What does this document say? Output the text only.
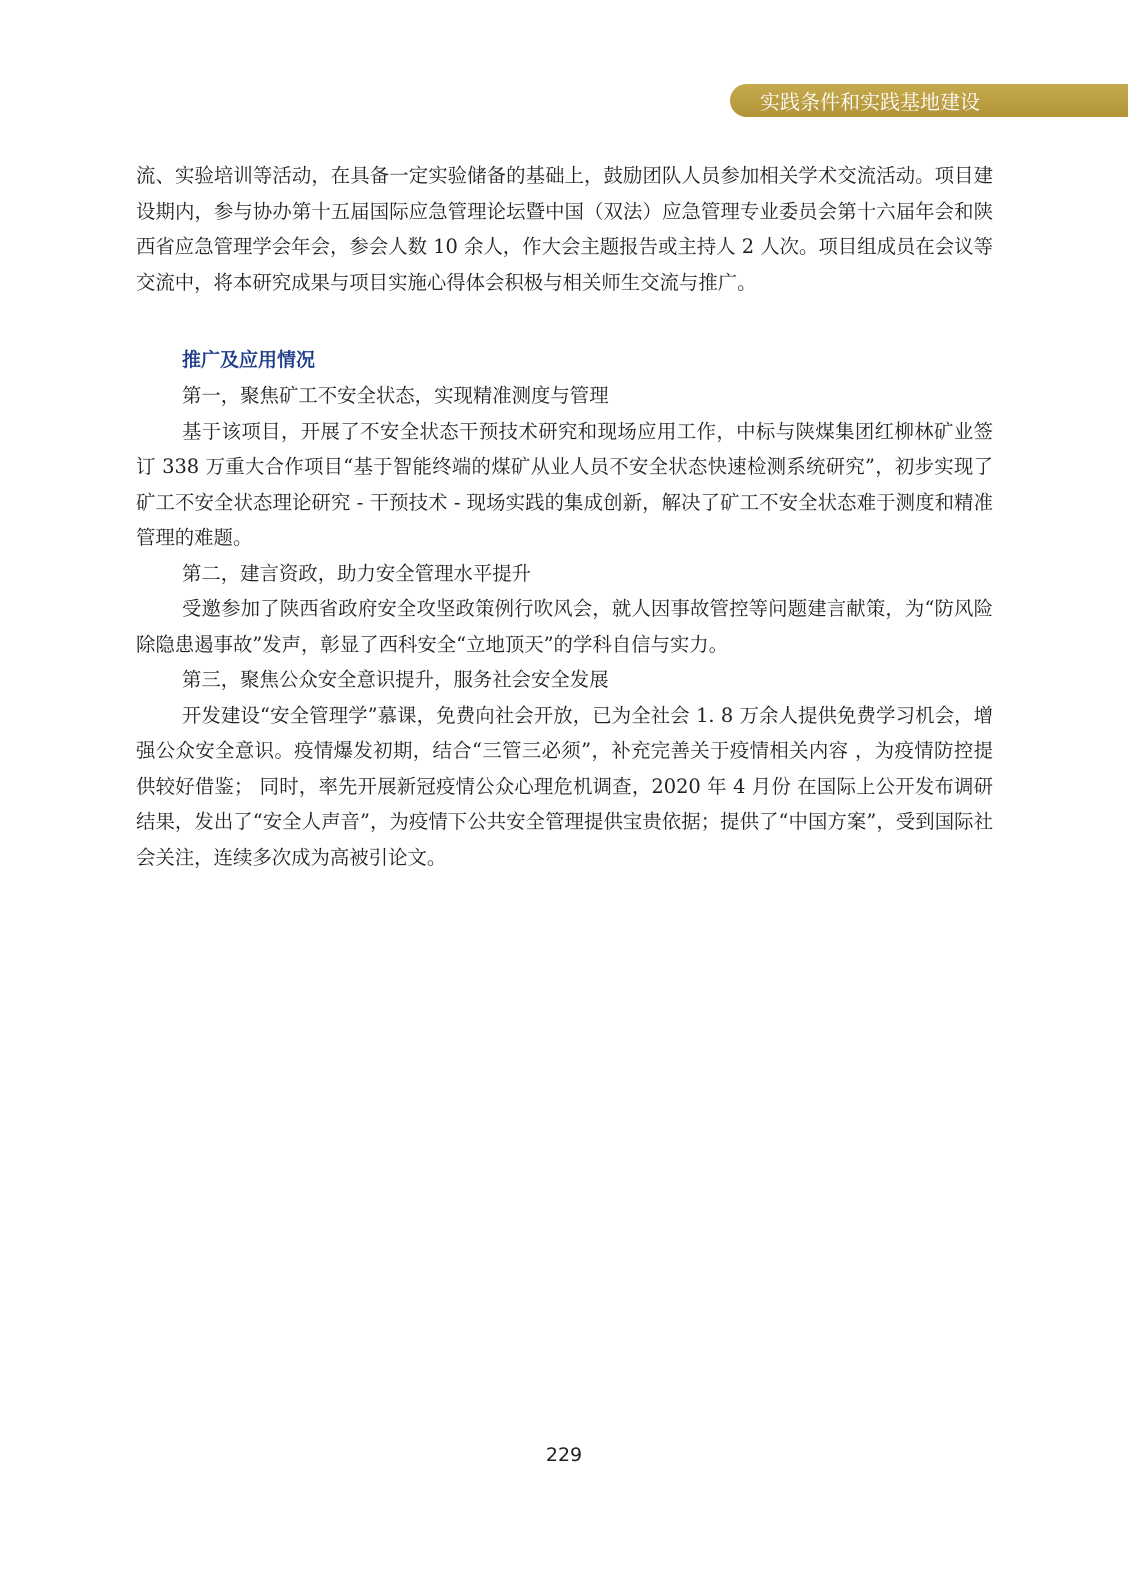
实践条件和实践基地建设

流、实验培训等活动，在具备一定实验储备的基础上，鼓励团队人员参加相关学术交流活动。项目建设期内，参与协办第十五届国际应急管理论坛暨中国（双法）应急管理专业委员会第十六届年会和陕西省应急管理学会年会，参会人数 10 余人，作大会主题报告或主持人 2 人次。项目组成员在会议等交流中，将本研究成果与项目实施心得体会积极与相关师生交流与推广。

推广及应用情况

第一，聚焦矿工不安全状态，实现精准测度与管理

基于该项目，开展了不安全状态干预技术研究和现场应用工作，中标与陕煤集团红柳林矿业签订 338 万重大合作项目“基于智能终端的煤矿从业人员不安全状态快速检测系统研究”，初步实现了矿工不安全状态理论研究 - 干预技术 - 现场实践的集成创新，解决了矿工不安全状态难于测度和精准管理的难题。

第二，建言资政，助力安全管理水平提升

受邀参加了陕西省政府安全攻坚政策例行吹风会，就人因事故管控等问题建言献策，为“防风险除隐患遏事故”发声，彰显了西科安全“立地顶天”的学科自信与实力。

第三，聚焦公众安全意识提升，服务社会安全发展

开发建设“安全管理学”慕课，免费向社会开放，已为全社会 1. 8 万余人提供免费学习机会，增强公众安全意识。疫情爆发初期，结合“三管三必须”，补充完善关于疫情相关内容 ，为疫情防控提供较好借鉴； 同时，率先开展新冠疫情公众心理危机调查，2020 年 4 月份 在国际上公开发布调研结果，发出了“安全人声音”，为疫情下公共安全管理提供宝贵依据；提供了“中国方案”，受到国际社会关注，连续多次成为高被引论文。

229
